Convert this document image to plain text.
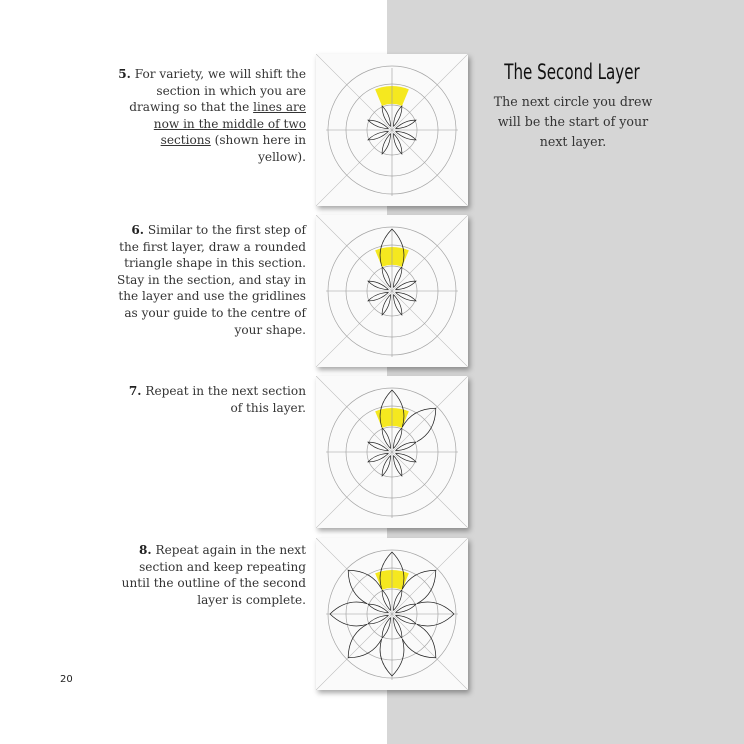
The Second Layer
The next circle you drew will be the start of your next layer.
5. For variety, we will shift the section in which you are drawing so that the lines are now in the middle of two sections (shown here in yellow).
6. Similar to the first step of the first layer, draw a rounded triangle shape in this section. Stay in the section, and stay in the layer and use the gridlines as your guide to the centre of your shape.
7. Repeat in the next section of this layer.
8. Repeat again in the next section and keep repeating until the outline of the second layer is complete.
20
